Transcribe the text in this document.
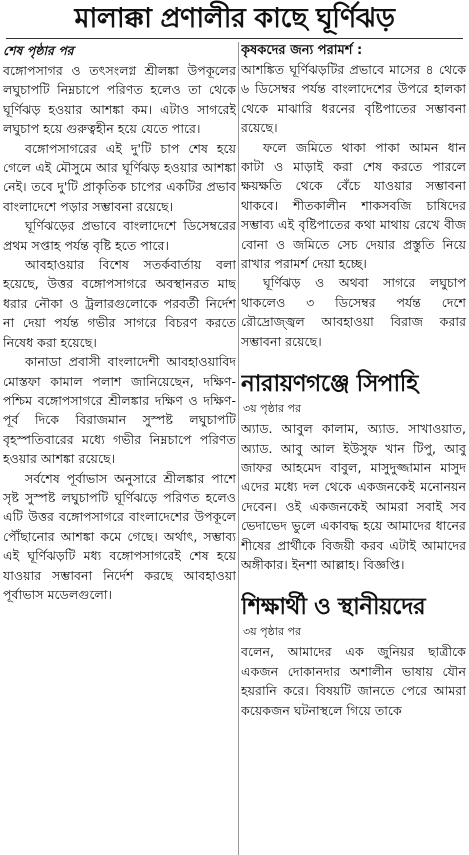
মালাক্কা প্রণালীর কাছে ঘূর্ণিঝড়
শেষ পৃষ্ঠার পর

বঙ্গোপসাগর ও তৎসংলগ্ন শ্রীলঙ্কা উপকূলের লঘুচাপটি নিম্নচাপে পরিণত হলেও তা থেকে ঘূর্ণিঝড় হওয়ার আশঙ্কা কম। এটাও সাগরেই লঘুচাপ হয়ে গুরুত্বহীন হয়ে যেতে পারে।

বঙ্গোপসাগরের এই দু'টি চাপ শেষ হয়ে গেলে এই মৌসুমে আর ঘূর্ণিঝড় হওয়ার আশঙ্কা নেই। তবে দু'টি প্রাকৃতিক চাপের একটির প্রভাব বাংলাদেশে পড়ার সম্ভাবনা রয়েছে।

ঘূর্ণিঝড়ের প্রভাবে বাংলাদেশে ডিসেম্বরের প্রথম সপ্তাহ পর্যন্ত বৃষ্টি হতে পারে।

আবহাওয়ার বিশেষ সতর্কবার্তায় বলা হয়েছে, উত্তর বঙ্গোপসাগরে অবস্থানরত মাছ ধরার নৌকা ও ট্রলারগুলোকে পরবর্তী নির্দেশ না দেয়া পর্যন্ত গভীর সাগরে বিচরণ করতে নিষেধ করা হয়েছে।

কানাডা প্রবাসী বাংলাদেশী আবহাওয়াবিদ মোস্তফা কামাল পলাশ জানিয়েছেন, দক্ষিণ-পশ্চিম বঙ্গোপসাগরে শ্রীলঙ্কার দক্ষিণ ও দক্ষিণ-পূর্ব দিকে বিরাজমান সুস্পষ্ট লঘুচাপটি বৃহস্পতিবারের মধ্যে গভীর নিম্নচাপে পরিণত হওয়ার আশঙ্কা রয়েছে।

সর্বশেষ পূর্বাভাস অনুসারে শ্রীলঙ্কার পাশে সৃষ্ট সুস্পষ্ট লঘুচাপটি ঘূর্ণিঝড়ে পরিণত হলেও এটি উত্তর বঙ্গোপসাগরে বাংলাদেশের উপকূলে পৌঁছানোর আশঙ্কা কমে গেছে। অর্থাৎ, সম্ভাব্য এই ঘূর্ণিঝড়টি মধ্য বঙ্গোপসাগরেই শেষ হয়ে যাওয়ার সম্ভাবনা নির্দেশ করছে আবহাওয়া পূর্বাভাস মডেলগুলো।

কৃষকদের জন্য পরামর্শ :

আশঙ্কিত ঘূর্ণিঝড়টির প্রভাবে মাসের ৪ থেকে ৬ ডিসেম্বর পর্যন্ত বাংলাদেশের উপরে হালকা থেকে মাঝারি ধরনের বৃষ্টিপাতের সম্ভাবনা রয়েছে।

ফলে জমিতে থাকা পাকা আমন ধান কাটা ও মাড়াই করা শেষ করতে পারলে ক্ষয়ক্ষতি থেকে বেঁচে যাওয়ার সম্ভাবনা থাকবে। শীতকালীন শাকসবজি চাষিদের সম্ভাব্য এই বৃষ্টিপাতের কথা মাথায় রেখে বীজ বোনা ও জমিতে সেচ দেয়ার প্রস্তুতি নিয়ে রাখার পরামর্শ দেয়া হচ্ছে।

ঘূর্ণিঝড় ও অথবা সাগরে লঘুচাপ থাকলেও ৩ ডিসেম্বর পর্যন্ত দেশে রৌদ্রোজ্জ্বল আবহাওয়া বিরাজ করার সম্ভাবনা রয়েছে।

নারায়ণগঞ্জে সিপাহি
৩য় পৃষ্ঠার পর

অ্যাড. আবুল কালাম, অ্যাড. সাখাওয়াত, অ্যাড. আবু আল ইউসুফ খান টিপু, আবু জাফর আহমেদ বাবুল, মাসুদুজ্জামান মাসুদ এদের মধ্যে দল থেকে একজনকেই মনোনয়ন দেবেন। ওই একজনকেই আমরা সবাই সব ভেদাভেদ ভুলে একাবদ্ধ হয়ে আমাদের ধানের শীষের প্রার্থীকে বিজয়ী করব এটাই আমাদের অঙ্গীকার। ইনশা আল্লাহ। বিজ্ঞপ্তি।

শিক্ষার্থী ও স্থানীয়দের
৩য় পৃষ্ঠার পর

বলেন, আমাদের এক জুনিয়র ছাত্রীকে একজন দোকানদার অশালীন ভাষায় যৌন হয়রানি করে। বিষয়টি জানতে পেরে আমরা কয়েকজন ঘটনাস্থলে গিয়ে তাকে
